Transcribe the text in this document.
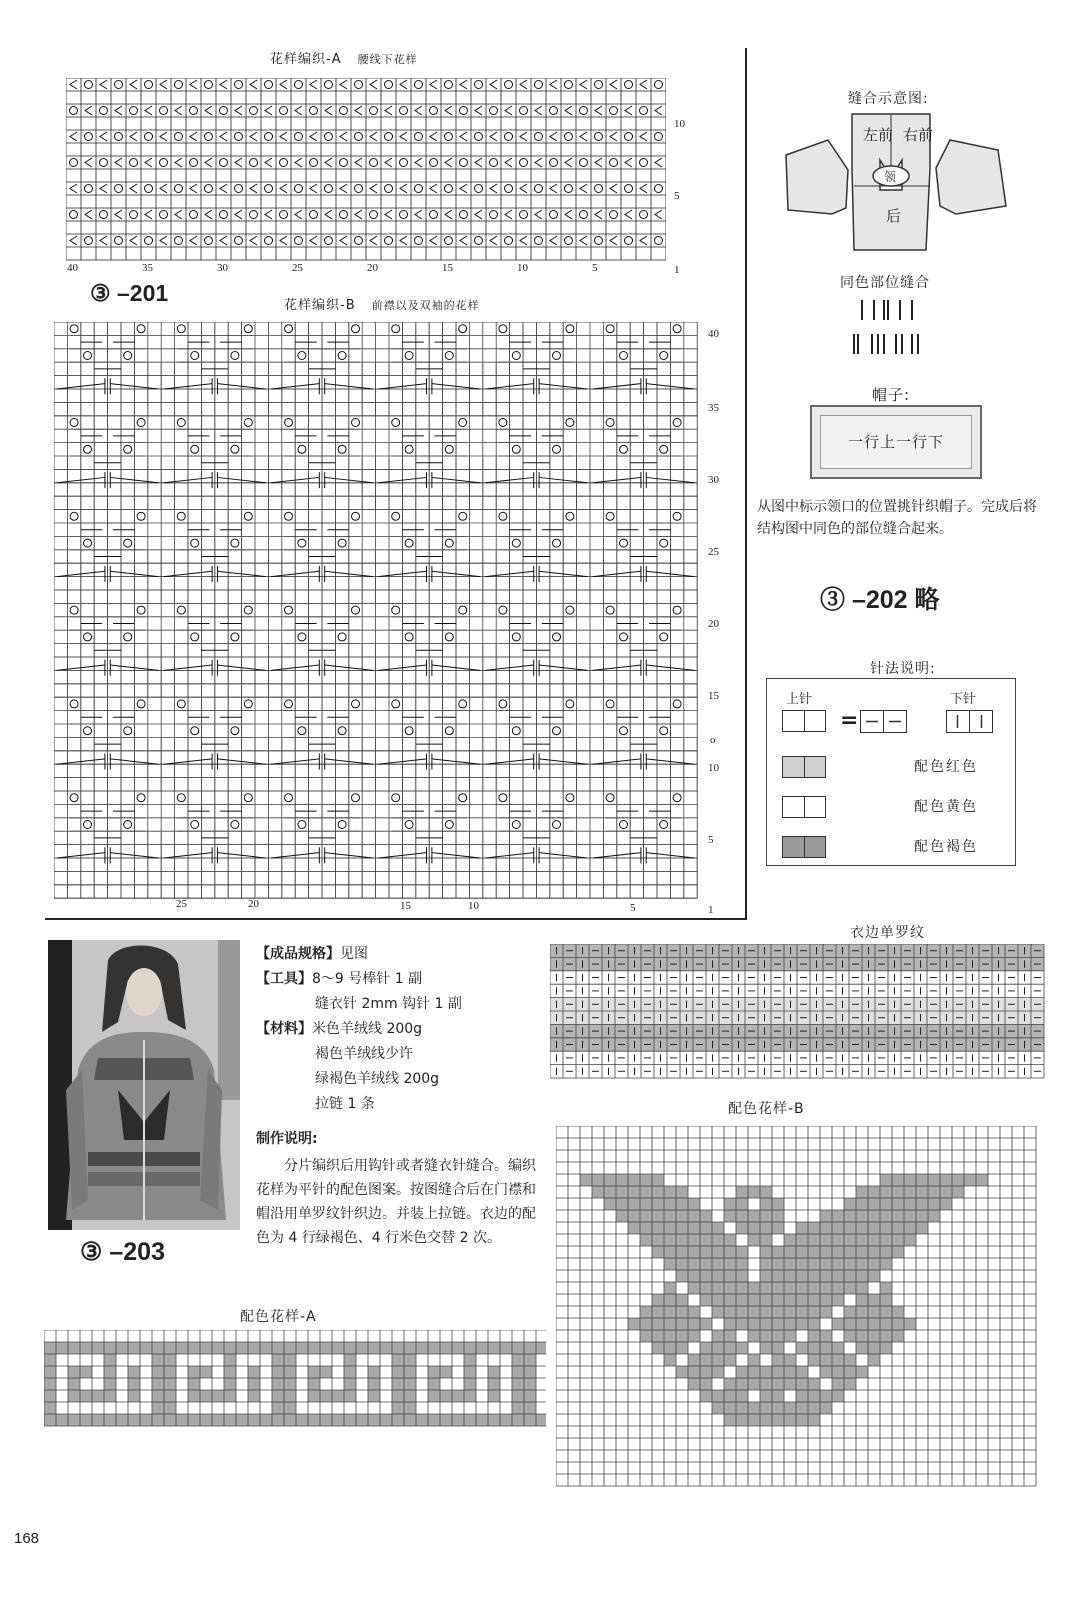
花样编织-A 腰线下花样
10
5
1
40	35	30	25	20	15	10	5
③ –201	花样编织-B 前襟以及双袖的花样
40
35
30
25
20
15
o
10
5
1
25	20	15	10	5
缝合示意图:
左前 右前
领
后
同色部位缝合
帽子:
一行上一行下
从图中标示领口的位置挑针织帽子。完成后将结构图中同色的部位缝合起来。
③ –202 略
针法说明:
上针	下针
=
配色红色
配色黄色
配色褐色
衣边单罗纹
配色花样-B
【成品规格】见图
【工具】8～9 号棒针 1 副
缝衣针 2mm 钩针 1 副
【材料】米色羊绒线 200g
褐色羊绒线少许
绿褐色羊绒线 200g
拉链 1 条
制作说明:
分片编织后用钩针或者缝衣针缝合。编织花样为平针的配色图案。按图缝合后在门襟和帽沿用单罗纹针织边。并装上拉链。衣边的配色为 4 行绿褐色、4 行米色交替 2 次。
③ –203
配色花样-A
168
